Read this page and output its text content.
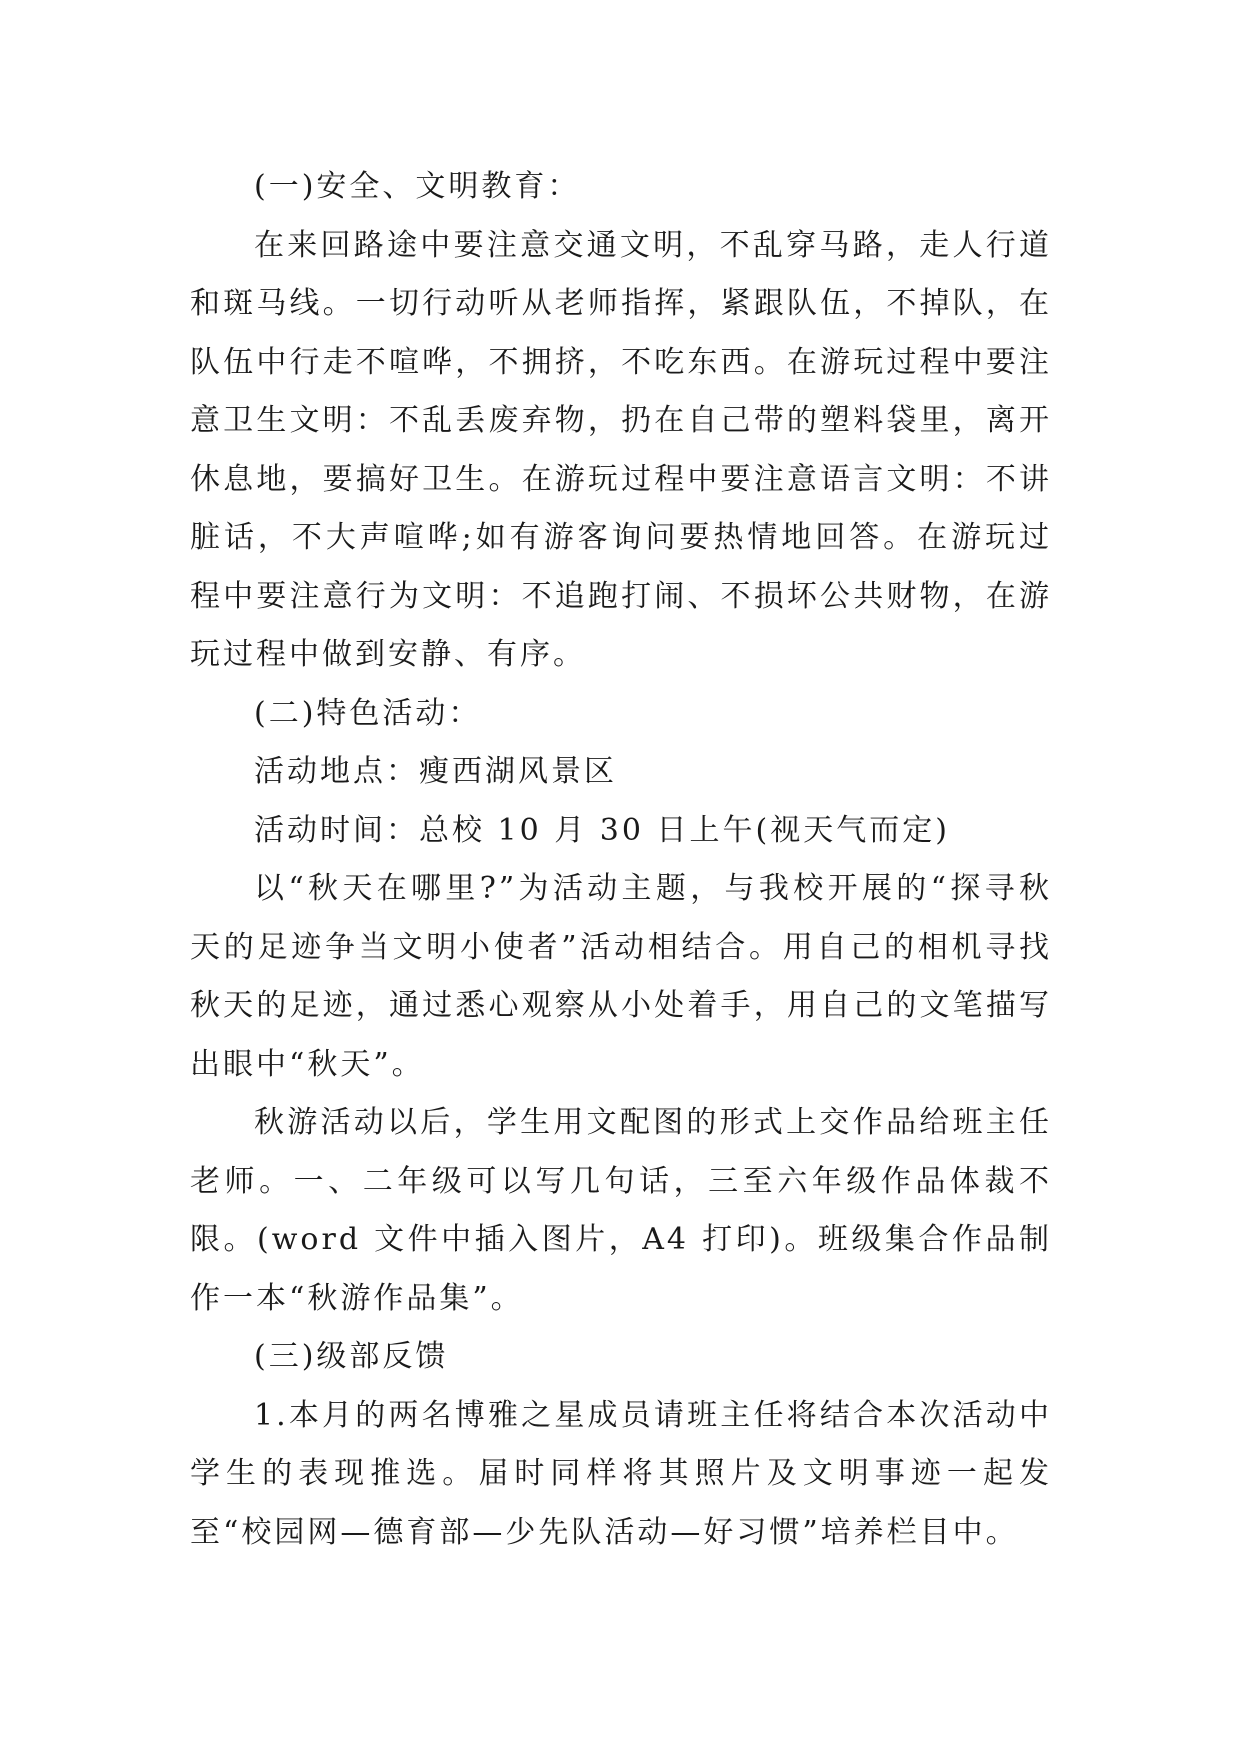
(一)安全、文明教育：

在来回路途中要注意交通文明，不乱穿马路，走人行道和斑马线。一切行动听从老师指挥，紧跟队伍，不掉队，在队伍中行走不喧哗，不拥挤，不吃东西。在游玩过程中要注意卫生文明：不乱丢废弃物，扔在自己带的塑料袋里，离开休息地，要搞好卫生。在游玩过程中要注意语言文明：不讲脏话，不大声喧哗;如有游客询问要热情地回答。在游玩过程中要注意行为文明：不追跑打闹、不损坏公共财物，在游玩过程中做到安静、有序。

(二)特色活动：

活动地点：瘦西湖风景区

活动时间：总校 10 月 30 日上午(视天气而定)

以“秋天在哪里?”为活动主题，与我校开展的“探寻秋天的足迹争当文明小使者”活动相结合。用自己的相机寻找秋天的足迹，通过悉心观察从小处着手，用自己的文笔描写出眼中“秋天”。

秋游活动以后，学生用文配图的形式上交作品给班主任老师。一、二年级可以写几句话，三至六年级作品体裁不限。(word 文件中插入图片，A4 打印)。班级集合作品制作一本“秋游作品集”。

(三)级部反馈

1.本月的两名博雅之星成员请班主任将结合本次活动中学生的表现推选。届时同样将其照片及文明事迹一起发至“校园网—德育部—少先队活动—好习惯”培养栏目中。
